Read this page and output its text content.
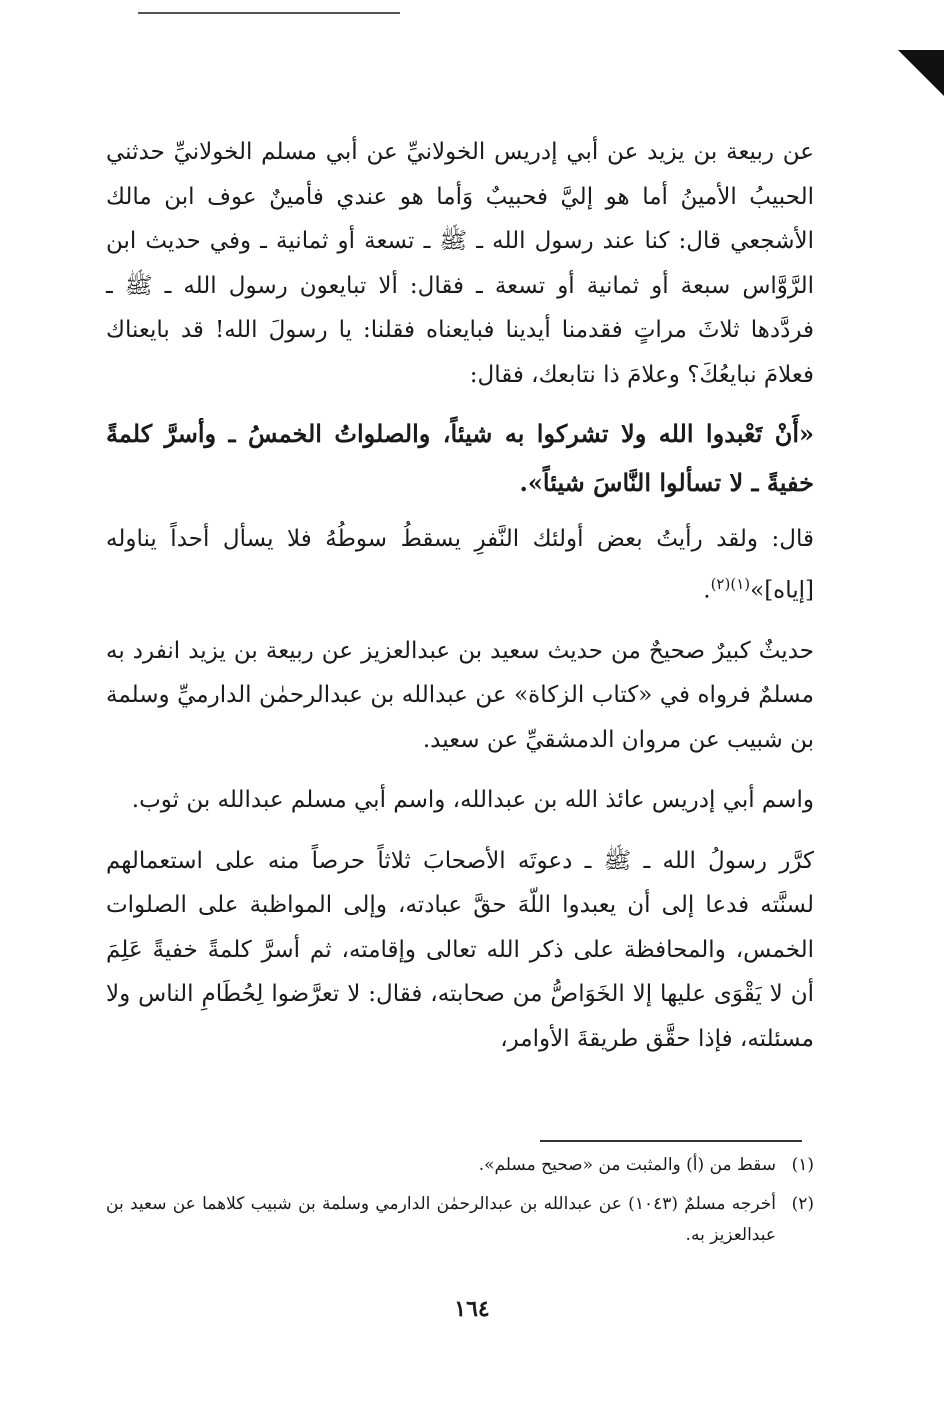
عن ربيعة بن يزيد عن أبي إدريس الخولانيِّ عن أبي مسلم الخولانيِّ حدثني الحبيبُ الأمينُ أما هو إليَّ فحبيبٌ وَأما هو عندي فأمينٌ عوف ابن مالك الأشجعي قال: كنا عند رسول الله ـ ﷺ ـ تسعة أو ثمانية ـ وفي حديث ابن الرَّوَّاس سبعة أو ثمانية أو تسعة ـ فقال: ألا تبايعون رسول الله ـ ﷺ ـ فردَّدها ثلاثَ مراتٍ فقدمنا أيدينا فبايعناه فقلنا: يا رسولَ الله! قد بايعناك فعلامَ نبايعُكَ؟ وعلامَ ذا نتابعك، فقال:

«أَنْ تَعْبدوا الله ولا تشركوا به شيئاً، والصلواتُ الخمسُ ـ وأسرَّ كلمةً خفيةً ـ لا تسألوا النَّاسَ شيئاً».

قال: ولقد رأيتُ بعض أولئك النَّفرِ يسقطُ سوطُهُ فلا يسأل أحداً يناوله [إياه]»$^{(١)(٢)}$.

حديثٌ كبيرٌ صحيحٌ من حديث سعيد بن عبدالعزيز عن ربيعة بن يزيد انفرد به مسلمٌ فرواه في «كتاب الزكاة» عن عبدالله بن عبدالرحمٰن الدارميِّ وسلمة بن شبيب عن مروان الدمشقيِّ عن سعيد.

واسم أبي إدريس عائذ الله بن عبدالله، واسم أبي مسلم عبدالله بن ثوب.

كرَّر رسولُ الله ـ ﷺ ـ دعوتَه الأصحابَ ثلاثاً حرصاً منه على استعمالهم لسنَّته فدعا إلى أن يعبدوا اللّهَ حقَّ عبادته، وإلى المواظبة على الصلوات الخمس، والمحافظة على ذكر الله تعالى وإقامته، ثم أسرَّ كلمةً خفيةً عَلِمَ أن لا يَقْوَى عليها إلا الخَوَاصُّ من صحابته، فقال: لا تعرَّضوا لِحُطَامِ الناس ولا مسئلته، فإذا حقَّق طريقةَ الأوامر،

(١)
سقط من (أ) والمثبت من «صحيح مسلم».
(٢)
أخرجه مسلمٌ (١٠٤٣) عن عبدالله بن عبدالرحمٰن الدارمي وسلمة بن شبيب كلاهما عن سعيد بن عبدالعزيز به.
١٦٤
